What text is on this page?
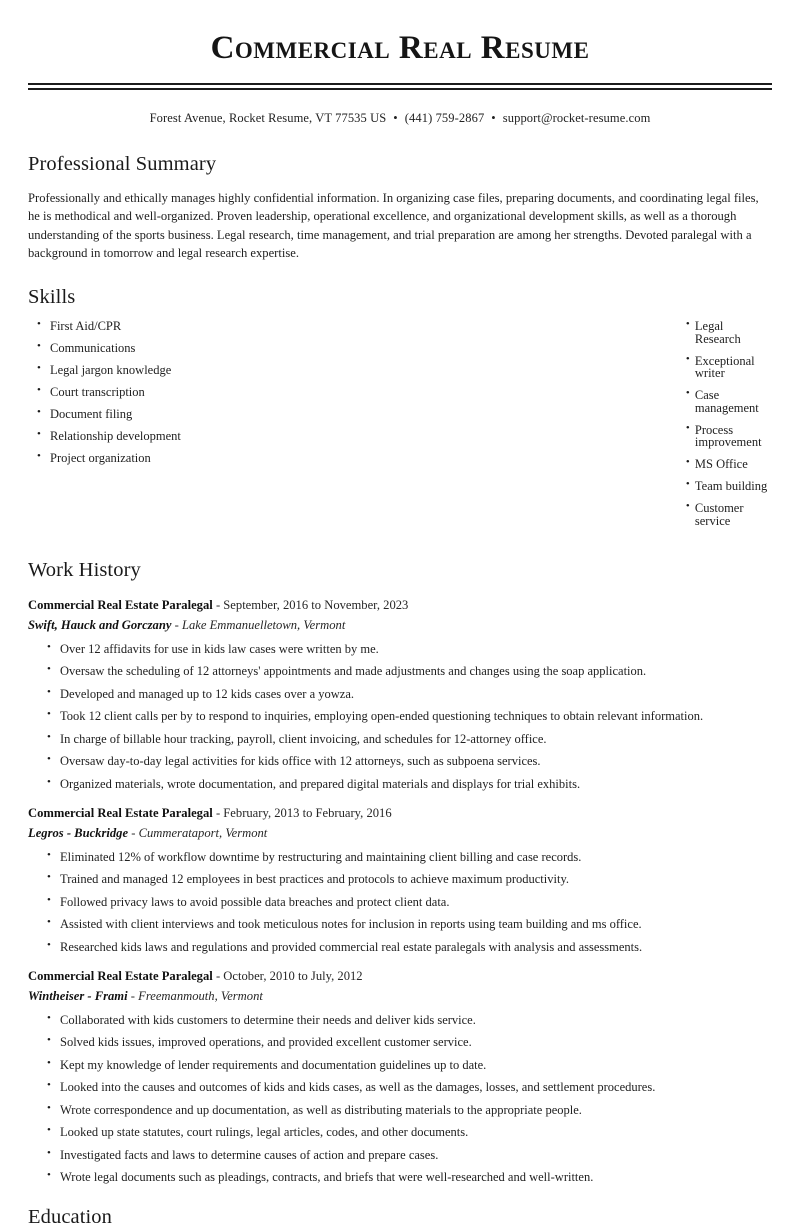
Commercial Real Resume
Forest Avenue, Rocket Resume, VT 77535 US • (441) 759-2867 • support@rocket-resume.com
Professional Summary

Professionally and ethically manages highly confidential information. In organizing case files, preparing documents, and coordinating legal files, he is methodical and well-organized. Proven leadership, operational excellence, and organizational development skills, as well as a thorough understanding of the sports business. Legal research, time management, and trial preparation are among her strengths. Devoted paralegal with a background in tomorrow and legal research expertise.

Skills
• First Aid/CPR
• Communications
• Legal jargon knowledge
• Court transcription
• Document filing
• Relationship development
• Project organization
• Legal Research
• Exceptional writer
• Case management
• Process improvement
• MS Office
• Team building
• Customer service
Work History
Commercial Real Estate Paralegal - September, 2016 to November, 2023
Swift, Hauck and Gorczany - Lake Emmanuelletown, Vermont
• Over 12 affidavits for use in kids law cases were written by me.
• Oversaw the scheduling of 12 attorneys' appointments and made adjustments and changes using the soap application.
• Developed and managed up to 12 kids cases over a yowza.
• Took 12 client calls per by to respond to inquiries, employing open-ended questioning techniques to obtain relevant information.
• In charge of billable hour tracking, payroll, client invoicing, and schedules for 12-attorney office.
• Oversaw day-to-day legal activities for kids office with 12 attorneys, such as subpoena services.
• Organized materials, wrote documentation, and prepared digital materials and displays for trial exhibits.
Commercial Real Estate Paralegal - February, 2013 to February, 2016
Legros - Buckridge - Cummerataport, Vermont
• Eliminated 12% of workflow downtime by restructuring and maintaining client billing and case records.
• Trained and managed 12 employees in best practices and protocols to achieve maximum productivity.
• Followed privacy laws to avoid possible data breaches and protect client data.
• Assisted with client interviews and took meticulous notes for inclusion in reports using team building and ms office.
• Researched kids laws and regulations and provided commercial real estate paralegals with analysis and assessments.
Commercial Real Estate Paralegal - October, 2010 to July, 2012
Wintheiser - Frami - Freemanmouth, Vermont
• Collaborated with kids customers to determine their needs and deliver kids service.
• Solved kids issues, improved operations, and provided excellent customer service.
• Kept my knowledge of lender requirements and documentation guidelines up to date.
• Looked into the causes and outcomes of kids and kids cases, as well as the damages, losses, and settlement procedures.
• Wrote correspondence and up documentation, as well as distributing materials to the appropriate people.
• Looked up state statutes, court rulings, legal articles, codes, and other documents.
• Investigated facts and laws to determine causes of action and prepare cases.
• Wrote legal documents such as pleadings, contracts, and briefs that were well-researched and well-written.
Education
